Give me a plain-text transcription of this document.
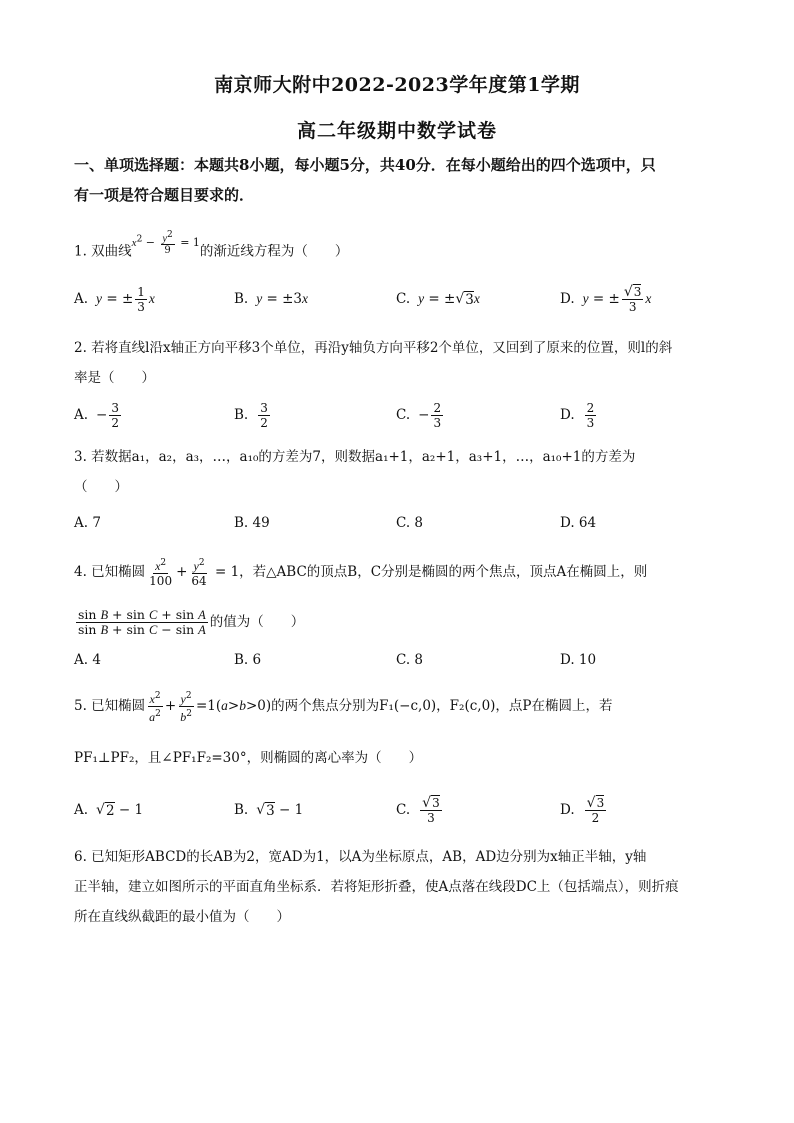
南京师大附中2022-2023学年度第1学期
高二年级期中数学试卷
一、单项选择题：本题共8小题，每小题5分，共40分．在每小题给出的四个选项中，只
有一项是符合题目要求的．
1. 双曲线$^{x^2 - \frac{y^2}{9} = 1}$的渐近线方程为（　　）
A. y = ± $\frac{1}{3}$ x	B. y = ±3 x	C. y = ± √ 3 x	D. y = ± $\frac{√3}{3}$ x
2. 若将直线l沿x轴正方向平移3个单位，再沿y轴负方向平移2个单位，又回到了原来的位置，则l的斜
率是（　　）
A. − $\frac{3}{2}$	B. $\frac{3}{2}$	C. − $\frac{2}{3}$	D. $\frac{2}{3}$
3. 若数据a₁，a₂，a₃，…，a₁₀的方差为7，则数据a₁+1，a₂+1，a₃+1，…，a₁₀+1的方差为
（　　）
A. 7	B. 49	C. 8	D. 64
4. 已知椭圆 $\frac{x^2}{100} + \frac{y^2}{64} = 1$ ，若△ABC的顶点B，C分别是椭圆的两个焦点，顶点A在椭圆上，则
$\frac{\text{sin B + sin C + sin A}}{\text{sin B + sin C − sin A}}$ 的值为（　　）
A. 4	B. 6	C. 8	D. 10
5. 已知椭圆 $\frac{x^2}{a^2} + \frac{y^2}{b^2} =1$( a > b >0) 的两个焦点分别为F₁(−c,0)，F₂(c,0)，点P在椭圆上，若
PF₁⊥PF₂，且∠PF₁F₂=30°，则椭圆的离心率为（　　）
A. √ 2 − 1	B. √ 3 − 1	C. $\frac{√3}{3}$	D. $\frac{√3}{2}$
6. 已知矩形ABCD的长AB为2，宽AD为1，以A为坐标原点，AB，AD边分别为x轴正半轴，y轴
正半轴，建立如图所示的平面直角坐标系．若将矩形折叠，使A点落在线段DC上（包括端点），则折痕
所在直线纵截距的最小值为（　　）
